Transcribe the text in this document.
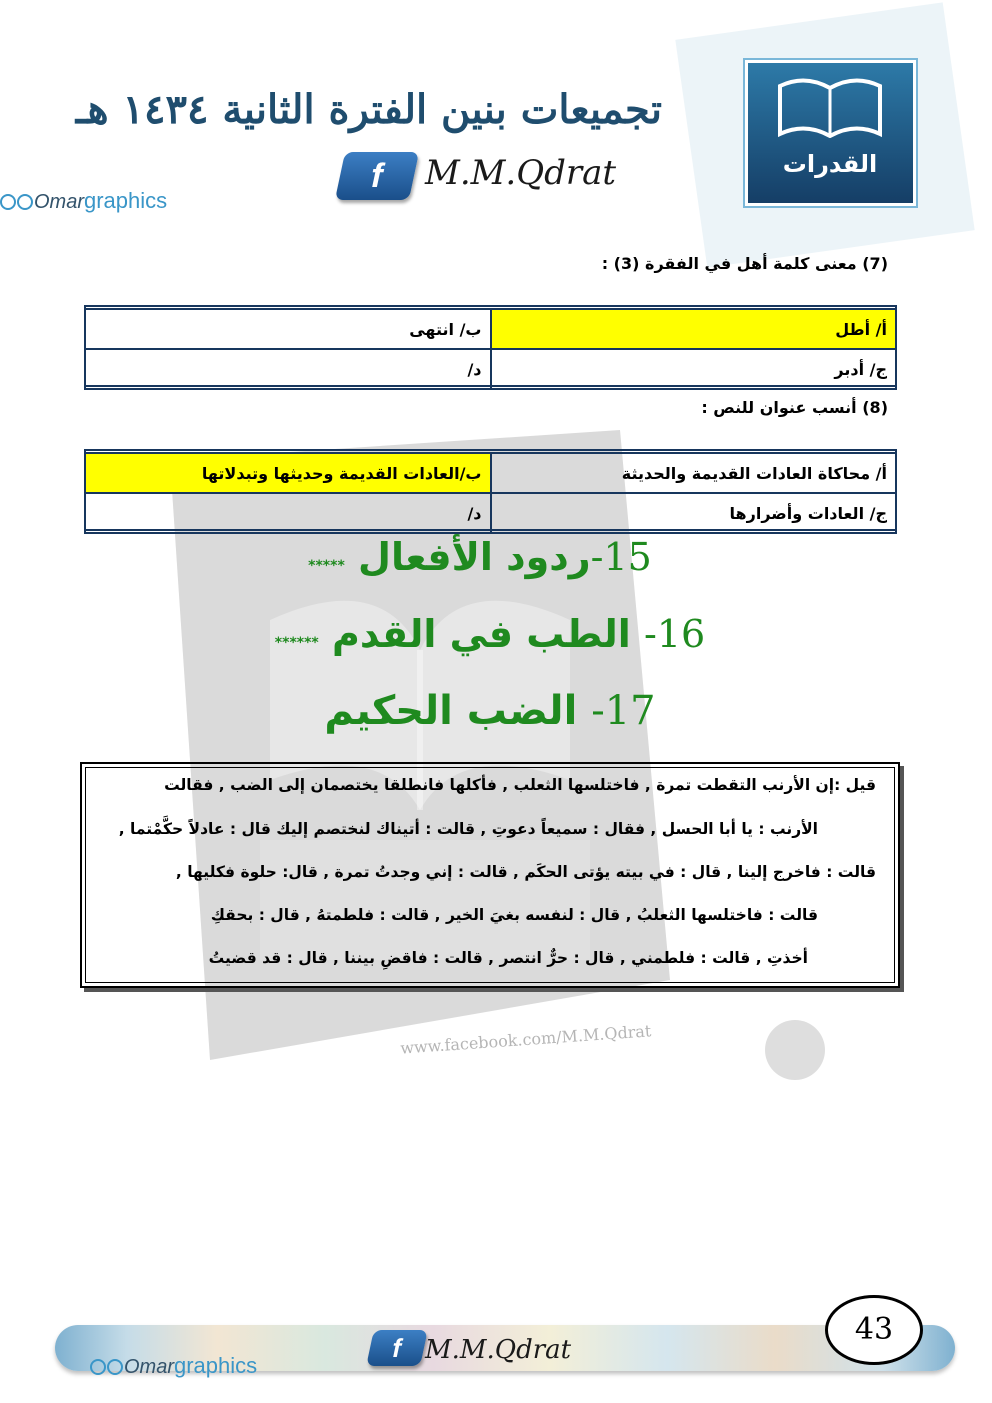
www.facebook.com/M.M.Qdrat
القدرات
تجميعات بنين الفترة الثانية ١٤٣٤ هـ
f	M.M.Qdrat
Omargraphics
(7) معنى كلمة أهل في الفقرة (3) :
أ/ أطل	ب/ انتهى
ج/ أدبر	د/
(8) أنسب عنوان للنص :
أ/ محاكاة العادات القديمة والحديثة	ب/العادات القديمة وحديثها وتبدلاتها
ج/ العادات وأضرارها	د/
15-ردود الأفعال *****
16- الطب في القدم ******
17- الضب الحكيم
قيل :إن الأرنب التقطت تمرة , فاختلسها الثعلب , فأكلها فانطلقا يختصمان إلى الضب , فقالت
الأرنب : يا أبا الحسل , فقال : سميعاً دعوتِ , قالت : أتيناك لنختصم إليك قال : عادلاً حكَّمْتما ,
قالت : فاخرج إلينا , قال : في بيته يؤتى الحكَم , قالت : إني وجدتُ تمرة , قال: حلوة فكليها ,
قالت : فاختلسها الثعلبُ , قال : لنفسه بغيَ الخير , قالت : فلطمتهُ , قال : بحقكِ
أخذتِ , قالت : فلطمني , قال : حرٌّ انتصر , قالت : فاقضِ بيننا , قال : قد قضيتُ
Omargraphics
f M.M.Qdrat
43
